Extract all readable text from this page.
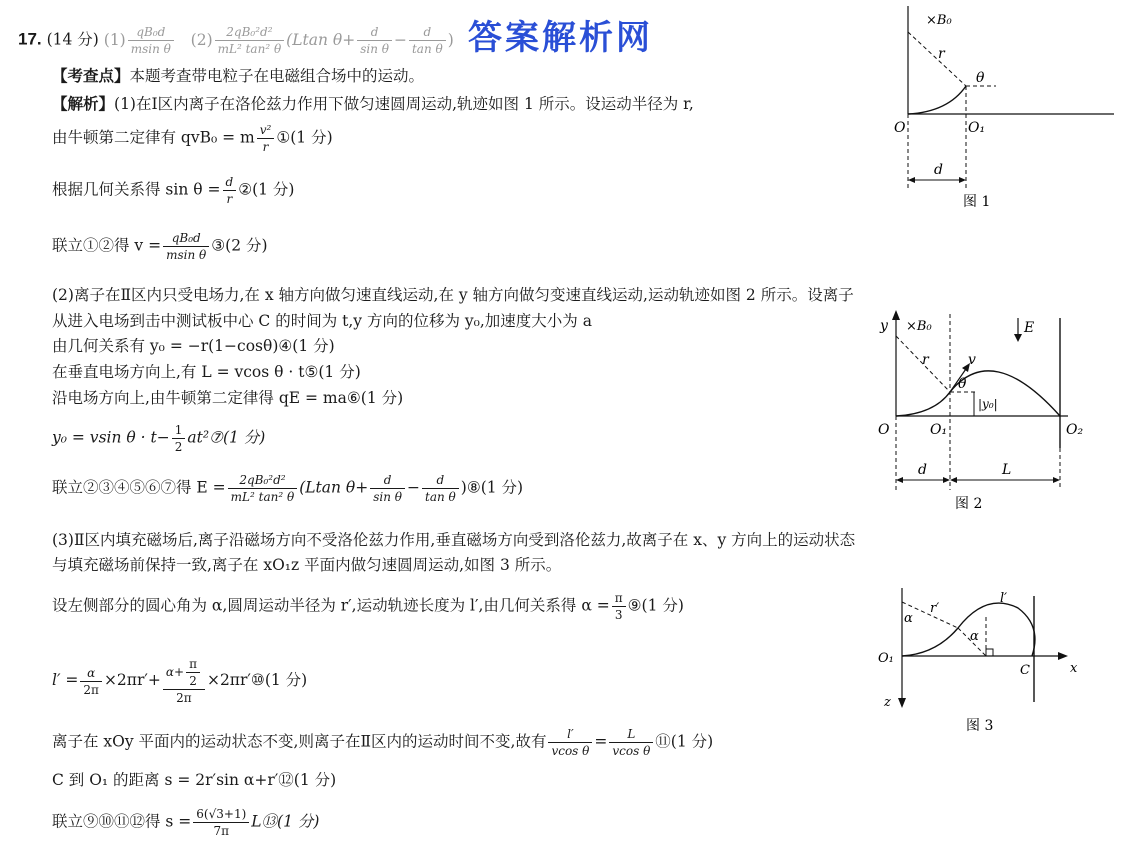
17. (14 分) $(1) \frac{\text{qB₀d}}{\text{msin θ}} (2) \frac{\text{2qB₀²d²}}{\text{mL² tan² θ}} (Ltan$ $\theta+ \frac{d}{\text{sin θ}} - \frac{d}{\text{tan θ}}$ ) 答案解析网
【考查点】本题考查带电粒子在电磁组合场中的运动。
【解析】(1)在Ⅰ区内离子在洛伦兹力作用下做匀速圆周运动,轨迹如图 1 所示。设运动半径为 r,
由牛顿第二定律有 qvB₀ = m $\frac{\text{v²}}{r}$ ①(1 分)
根据几何关系得 $\sin \theta = \frac{d}{r}$ ②(1 分)
联立①②得 $v = \frac{\text{qB₀d}}{\text{msin θ}}$ ③(2 分)
(2)离子在Ⅱ区内只受电场力,在 x 轴方向做匀速直线运动,在 y 轴方向做匀变速直线运动,运动轨迹如图 2 所示。设离子
从进入电场到击中测试板中心 C 的时间为 t,y 方向的位移为 y₀,加速度大小为 a
由几何关系有 y₀ = −r(1−cosθ)④(1 分)
在垂直电场方向上,有 L = vcos θ · t⑤(1 分)
沿电场方向上,由牛顿第二定律得 qE = ma⑥(1 分)
y₀ = vsin $\theta \cdot t- \frac{1}{2}$ at²⑦(1 分)
联立②③④⑤⑥⑦得 $E = \frac{\text{2qB₀²d²}}{\text{mL² tan² θ}} (Ltan$ $\theta+ \frac{d}{\text{sin θ}} - \frac{d}{\text{tan θ}}$ )⑧(1 分)
(3)Ⅱ区内填充磁场后,离子沿磁场方向不受洛伦兹力作用,垂直磁场方向受到洛伦兹力,故离子在 x、y 方向上的运动状态
与填充磁场前保持一致,离子在 xO₁z 平面内做匀速圆周运动,如图 3 所示。
设左侧部分的圆心角为 α,圆周运动半径为 r′,运动轨迹长度为 l′,由几何关系得 $\alpha = \frac{\pi}{3}$ ⑨(1 分)
$l' = \frac{\alpha}{2\pi} \times 2\pi r'+ \frac{\alpha+ \frac{\pi}{2}}{2\pi}$ ×2πr′⑩(1 分)
离子在 xOy 平面内的运动状态不变,则离子在Ⅱ区内的运动时间不变,故有 $\frac{l'}{\text{vcos θ}} = \frac{L}{\text{vcos θ}}$ ⑪(1 分)
C 到 O₁ 的距离 s = 2r′sin α+r′⑫(1 分)
联立⑨⑩⑪⑫得 $s = \frac{6(√3+1)}{7\pi}$ L⑬(1 分)
×B₀
r
θ
O	O₁
d
图 1
y ×B₀	E
r	v
θ
|y₀|
O	O₁	O₂
d	L
图 2
α
r′
l′
α
O₁
C	x
z
图 3
